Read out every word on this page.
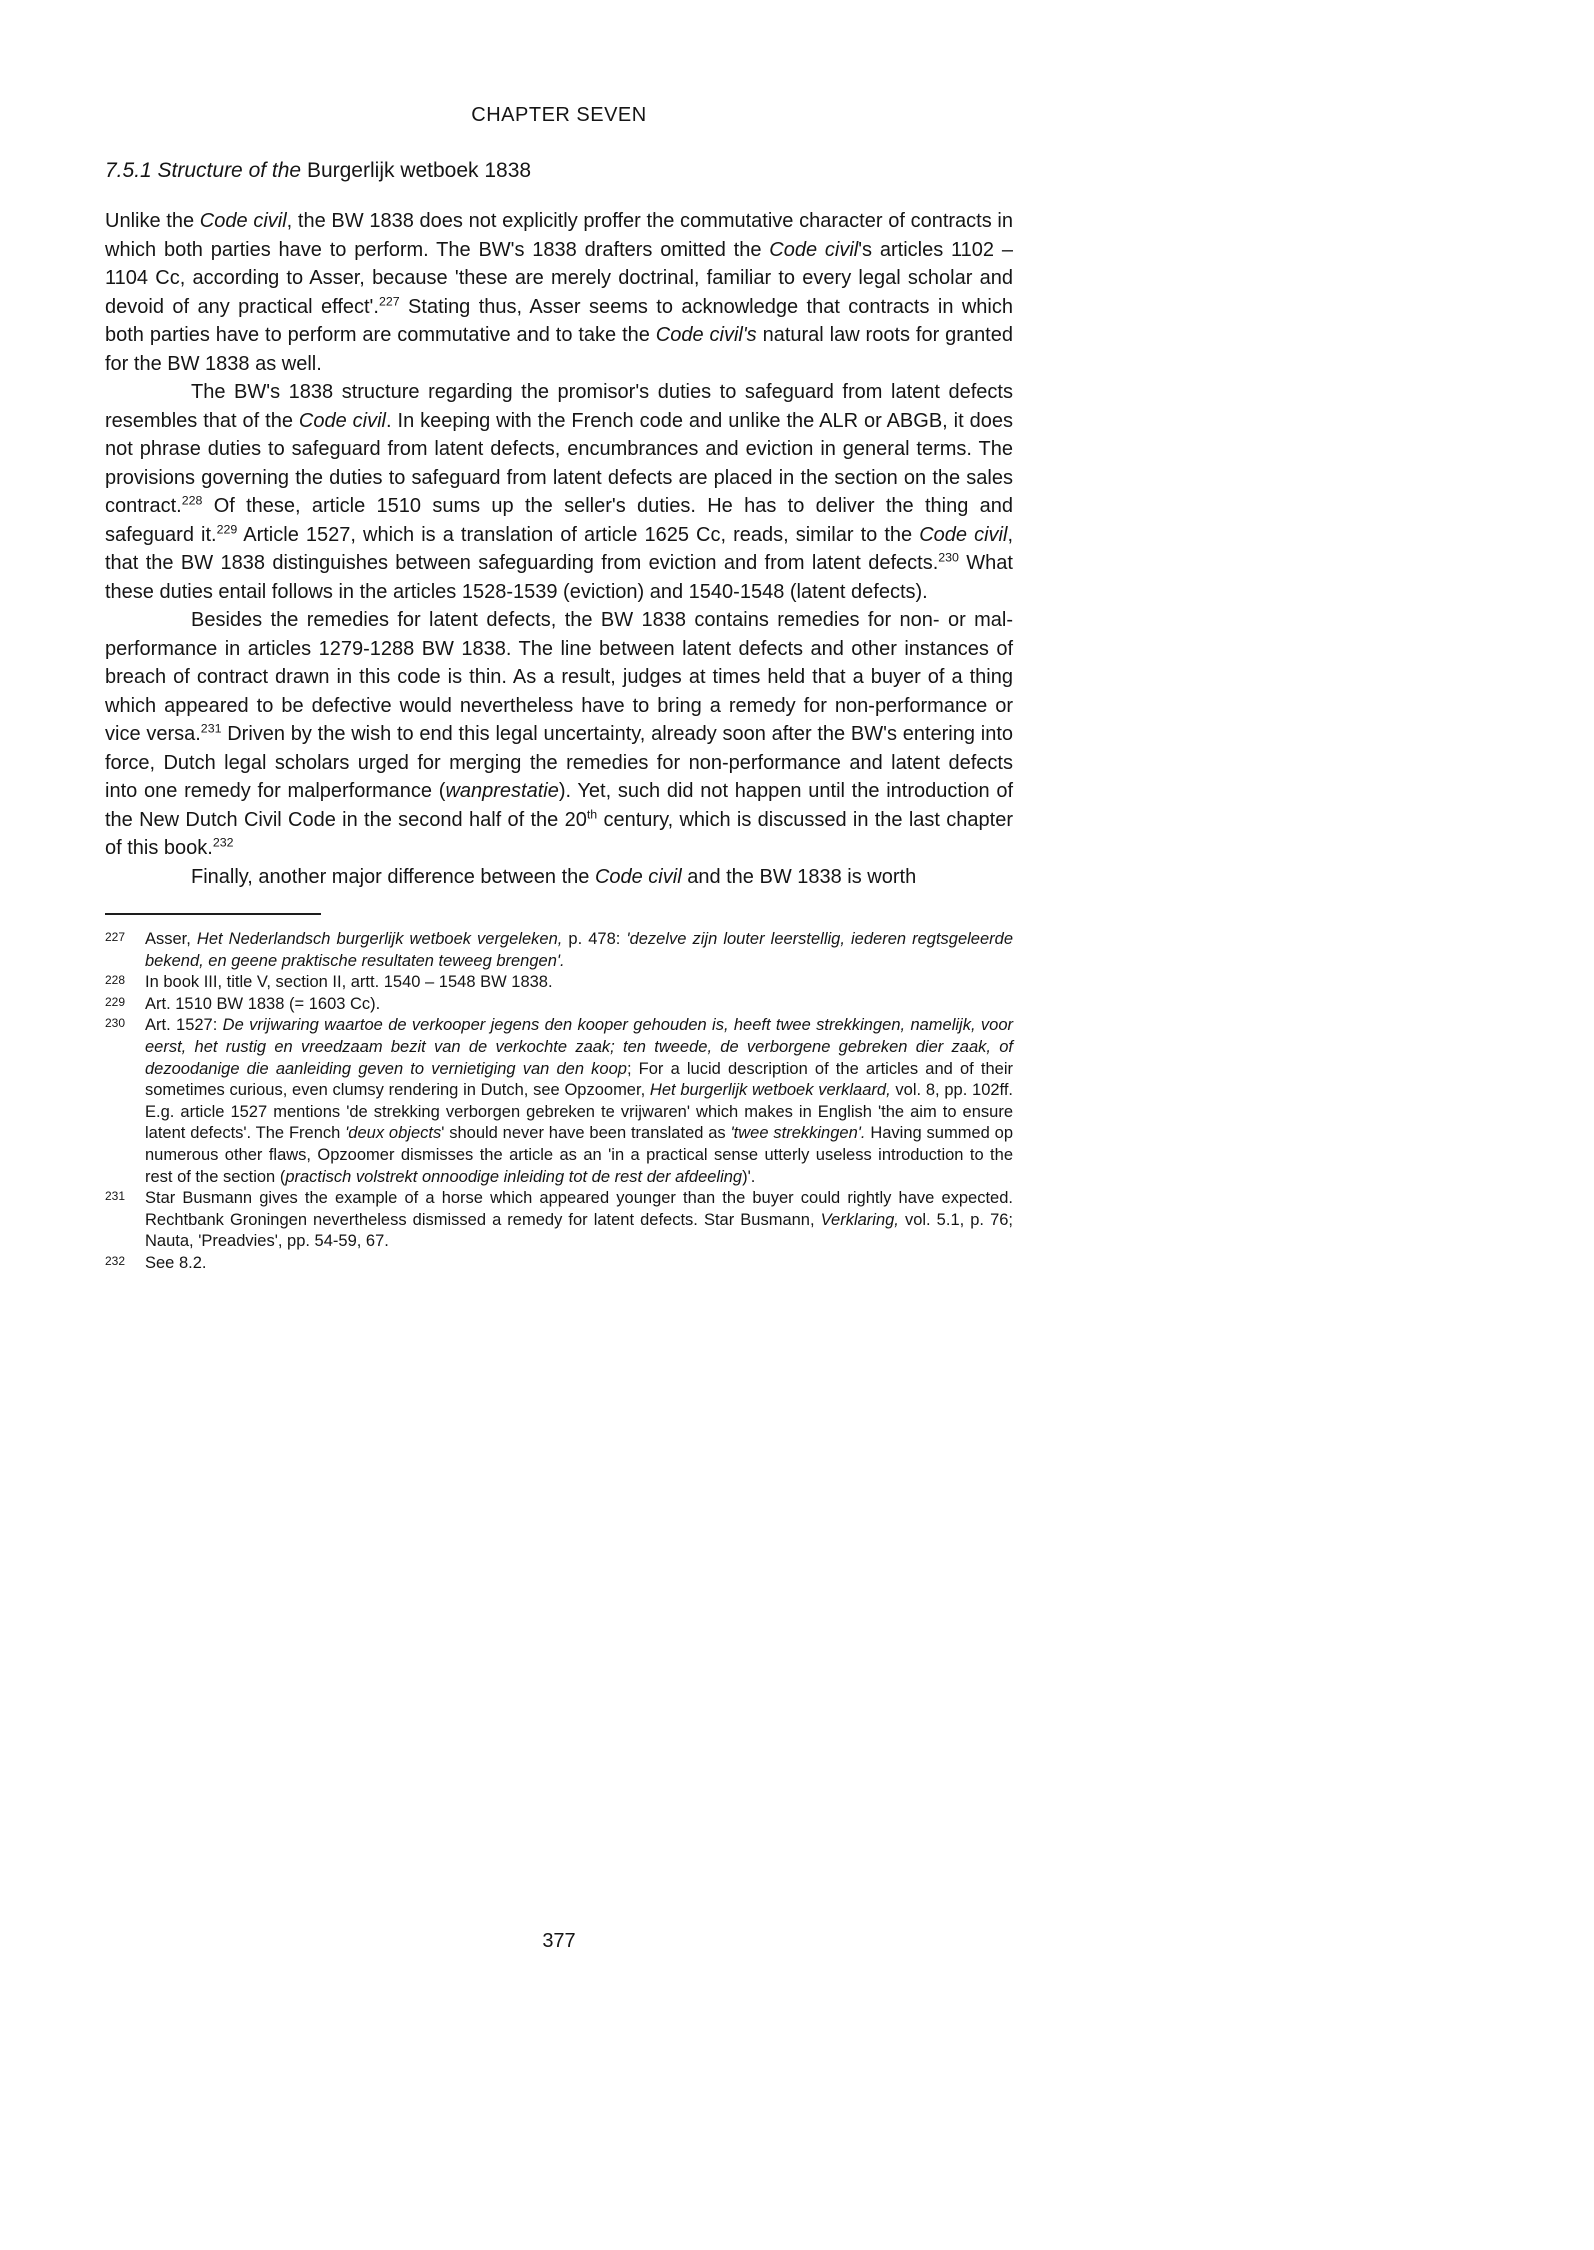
CHAPTER SEVEN
7.5.1 Structure of the Burgerlijk wetboek 1838

Unlike the Code civil, the BW 1838 does not explicitly proffer the commutative character of contracts in which both parties have to perform. The BW's 1838 drafters omitted the Code civil's articles 1102 – 1104 Cc, according to Asser, because 'these are merely doctrinal, familiar to every legal scholar and devoid of any practical effect'.$^{227}$ Stating thus, Asser seems to acknowledge that contracts in which both parties have to perform are commutative and to take the Code civil's natural law roots for granted for the BW 1838 as well.

The BW's 1838 structure regarding the promisor's duties to safeguard from latent defects resembles that of the Code civil. In keeping with the French code and unlike the ALR or ABGB, it does not phrase duties to safeguard from latent defects, encumbrances and eviction in general terms. The provisions governing the duties to safeguard from latent defects are placed in the section on the sales contract.$^{228}$ Of these, article 1510 sums up the seller's duties. He has to deliver the thing and safeguard it.$^{229}$ Article 1527, which is a translation of article 1625 Cc, reads, similar to the Code civil, that the BW 1838 distinguishes between safeguarding from eviction and from latent defects.$^{230}$ What these duties entail follows in the articles 1528-1539 (eviction) and 1540-1548 (latent defects).

Besides the remedies for latent defects, the BW 1838 contains remedies for non- or mal- performance in articles 1279-1288 BW 1838. The line between latent defects and other instances of breach of contract drawn in this code is thin. As a result, judges at times held that a buyer of a thing which appeared to be defective would nevertheless have to bring a remedy for non-performance or vice versa.$^{231}$ Driven by the wish to end this legal uncertainty, already soon after the BW's entering into force, Dutch legal scholars urged for merging the remedies for non-performance and latent defects into one remedy for malperformance (wanprestatie). Yet, such did not happen until the introduction of the New Dutch Civil Code in the second half of the 20th century, which is discussed in the last chapter of this book.$^{232}$

Finally, another major difference between the Code civil and the BW 1838 is worth

227 Asser, Het Nederlandsch burgerlijk wetboek vergeleken, p. 478: 'dezelve zijn louter leerstellig, iederen regtsgeleerde bekend, en geene praktische resultaten teweeg brengen'.
228 In book III, title V, section II, artt. 1540 – 1548 BW 1838.
229 Art. 1510 BW 1838 (= 1603 Cc).
230 Art. 1527: De vrijwaring waartoe de verkooper jegens den kooper gehouden is, heeft twee strekkingen, namelijk, voor eerst, het rustig en vreedzaam bezit van de verkochte zaak; ten tweede, de verborgene gebreken dier zaak, of dezoodanige die aanleiding geven to vernietiging van den koop; For a lucid description of the articles and of their sometimes curious, even clumsy rendering in Dutch, see Opzoomer, Het burgerlijk wetboek verklaard, vol. 8, pp. 102ff. E.g. article 1527 mentions 'de strekking verborgen gebreken te vrijwaren' which makes in English 'the aim to ensure latent defects'. The French 'deux objects' should never have been translated as 'twee strekkingen'. Having summed op numerous other flaws, Opzoomer dismisses the article as an 'in a practical sense utterly useless introduction to the rest of the section (practisch volstrekt onnoodige inleiding tot de rest der afdeeling)'.
231 Star Busmann gives the example of a horse which appeared younger than the buyer could rightly have expected. Rechtbank Groningen nevertheless dismissed a remedy for latent defects. Star Busmann, Verklaring, vol. 5.1, p. 76; Nauta, 'Preadvies', pp. 54-59, 67.
232 See 8.2.
377
